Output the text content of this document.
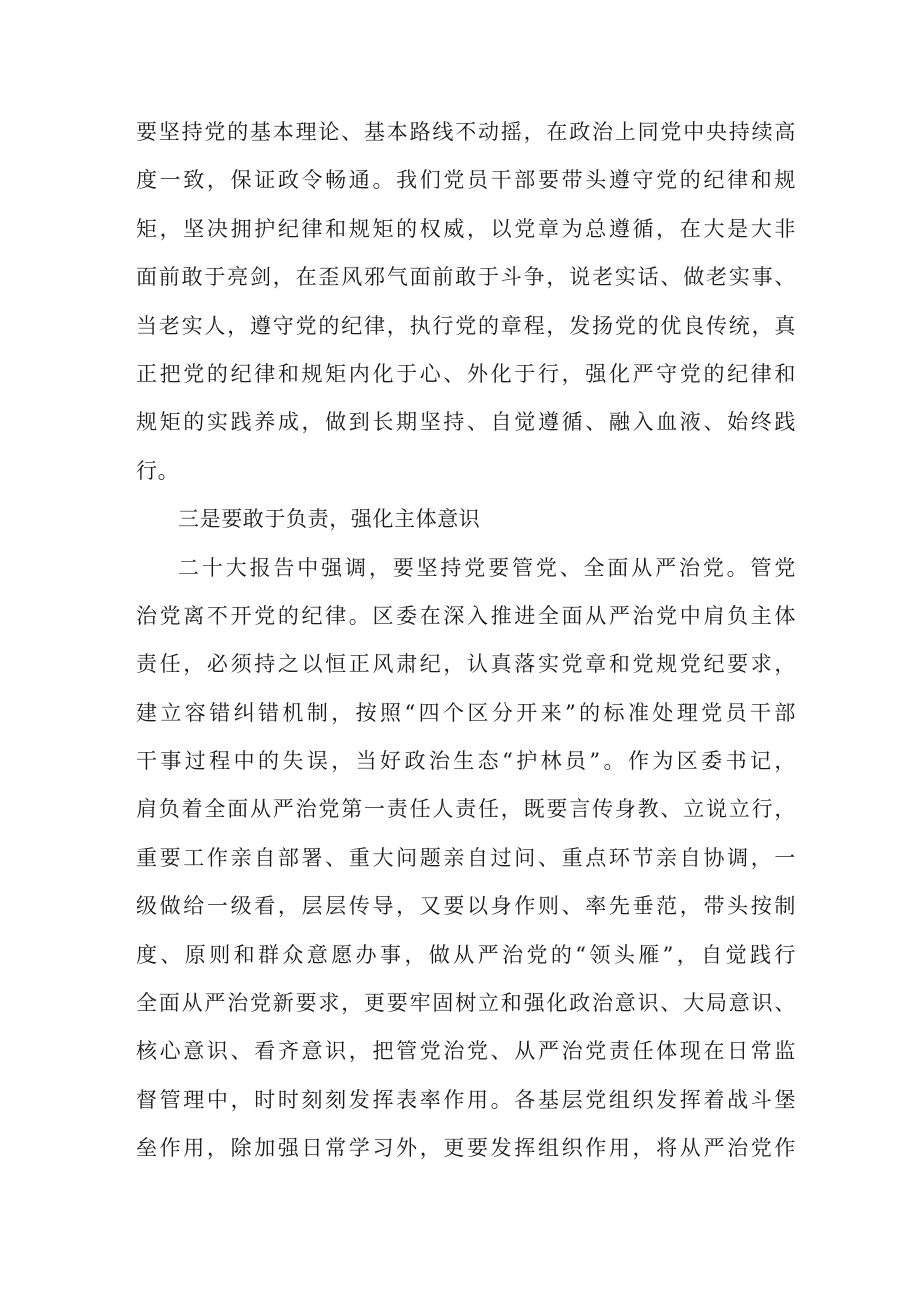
要坚持党的基本理论、基本路线不动摇，在政治上同党中央持续高
度一致，保证政令畅通。我们党员干部要带头遵守党的纪律和规
矩，坚决拥护纪律和规矩的权威，以党章为总遵循，在大是大非
面前敢于亮剑，在歪风邪气面前敢于斗争，说老实话、做老实事、
当老实人，遵守党的纪律，执行党的章程，发扬党的优良传统，真
正把党的纪律和规矩内化于心、外化于行，强化严守党的纪律和
规矩的实践养成，做到长期坚持、自觉遵循、融入血液、始终践
行。
三是要敢于负责，强化主体意识
二十大报告中强调，要坚持党要管党、全面从严治党。管党
治党离不开党的纪律。区委在深入推进全面从严治党中肩负主体
责任，必须持之以恒正风肃纪，认真落实党章和党规党纪要求，
建立容错纠错机制，按照“四个区分开来”的标准处理党员干部
干事过程中的失误，当好政治生态“护林员”。作为区委书记，
肩负着全面从严治党第一责任人责任，既要言传身教、立说立行，
重要工作亲自部署、重大问题亲自过问、重点环节亲自协调，一
级做给一级看，层层传导，又要以身作则、率先垂范，带头按制
度、原则和群众意愿办事，做从严治党的“领头雁”，自觉践行
全面从严治党新要求，更要牢固树立和强化政治意识、大局意识、
核心意识、看齐意识，把管党治党、从严治党责任体现在日常监
督管理中，时时刻刻发挥表率作用。各基层党组织发挥着战斗堡
垒作用，除加强日常学习外，更要发挥组织作用，将从严治党作
